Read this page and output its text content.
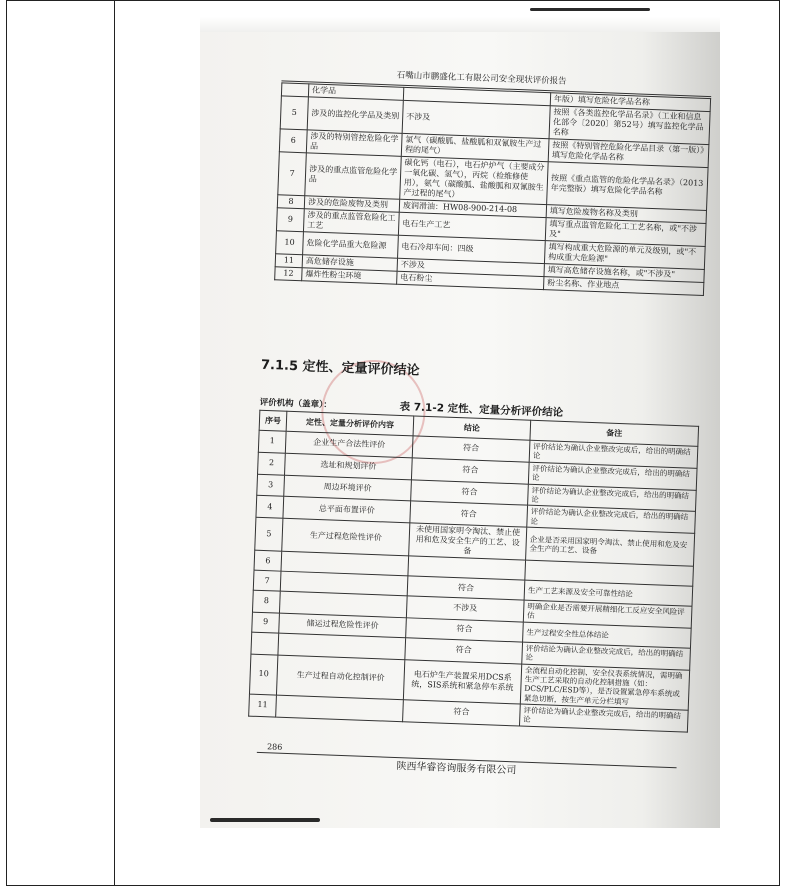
石嘴山市鹏盛化工有限公司安全现状评价报告
	化学品		年版）填写危险化学品名称
5	涉及的监控化学品及类别	不涉及	按照《各类监控化学品名录》（工业和信息化部令〔2020〕第52号）填写监控化学品名称
6	涉及的特别管控危险化学品	氯气（碳酸胍、盐酸胍和双氰胺生产过程的尾气）	按照《特别管控危险化学品目录（第一版）》填写危险化学品名称
7	涉及的重点监管危险化学品	碳化钙（电石），电石炉炉气（主要成分一氧化碳、氢气），丙烷（检维修使用），氨气（碳酸胍、盐酸胍和双氰胺生产过程的尾气）	按照《重点监管的危险化学品名录》（2013年完整版）填写危险化学品名称
8	涉及的危险废物及类别	废润滑油：HW08-900-214-08	填写危险废物名称及类别
9	涉及的重点监管危险化工工艺	电石生产工艺	填写重点监管危险化工工艺名称，或"不涉及"
10	危险化学品重大危险源	电石冷却车间：四级	填写构成重大危险源的单元及级别，或"不构成重大危险源"
11	高危储存设施	不涉及	填写高危储存设施名称，或"不涉及"
12	爆炸性粉尘环境	电石粉尘	粉尘名称、作业地点
7.1.5 定性、定量评价结论
评价机构（盖章）：	表 7.1-2 定性、定量分析评价结论
序号	定性、定量分析评价内容	结论	备注
1	企业生产合法性评价	符合	评价结论为确认企业整改完成后，给出的明确结论
2	选址和规划评价	符合	评价结论为确认企业整改完成后，给出的明确结论
3	周边环境评价	符合	评价结论为确认企业整改完成后，给出的明确结论
4	总平面布置评价	符合	评价结论为确认企业整改完成后，给出的明确结论
5	生产过程危险性评价	未使用国家明令淘汰、禁止使用和危及安全生产的工艺、设备	企业是否采用国家明令淘汰、禁止使用和危及安全生产的工艺、设备
6			
7		符合	生产工艺来源及安全可靠性结论
8		不涉及	明确企业是否需要开展精细化工反应安全风险评估
9	储运过程危险性评价	符合	生产过程安全性总体结论
		符合	评价结论为确认企业整改完成后，给出的明确结论
10	生产过程自动化控制评价	电石炉生产装置采用DCS系统，SIS系统和紧急停车系统	全流程自动化控制、安全仪表系统情况，需明确生产工艺采取的自动化控制措施（如：DCS/PLC/ESD等），是否设置紧急停车系统或紧急切断，按生产单元分栏填写
11		符合	评价结论为确认企业整改完成后，给出的明确结论
286
陕西华睿咨询服务有限公司
